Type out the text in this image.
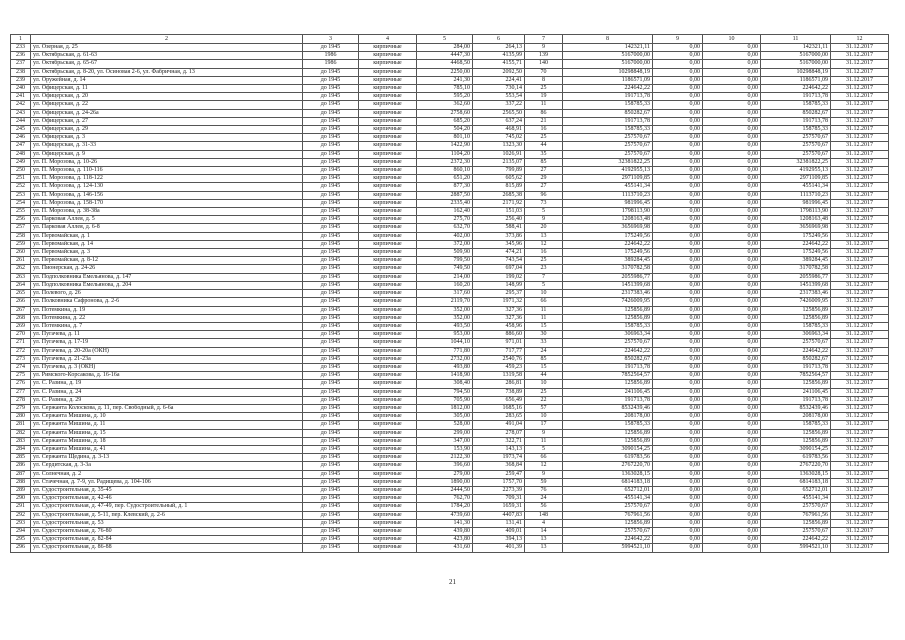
1	2	3	4	5	6	7	8	9	10	11	12
233	ул. Озерная, д. 25	до 1945	кирпичные	284,00	264,13	9	142321,11	0,00	0,00	142321,11	31.12.2017
236	ул. Октябрьская, д. 61-63	1986	кирпичные	4447,30	4135,99	139	5167000,00	0,00	0,00	5167000,00	31.12.2017
237	ул. Октябрьская, д. 65-67	1986	кирпичные	4468,50	4155,71	140	5167000,00	0,00	0,00	5167000,00	31.12.2017
238	ул. Октябрьская, д. 8-20, ул. Осиновая 2-6, ул. Фабричная, д. 13	до 1945	кирпичные	2250,00	2092,50	70	10298848,19	0,00	0,00	10298848,19	31.12.2017
239	ул. Оружейная, д. 14	до 1945	кирпичные	241,30	224,41	8	1186571,09	0,00	0,00	1186571,09	31.12.2017
240	ул. Офицерская, д. 11	до 1945	кирпичные	785,10	730,14	25	224642,22	0,00	0,00	224642,22	31.12.2017
241	ул. Офицерская, д. 20	до 1945	кирпичные	595,20	553,54	19	191713,78	0,00	0,00	191713,78	31.12.2017
242	ул. Офицерская, д. 22	до 1945	кирпичные	362,60	337,22	11	158785,33	0,00	0,00	158785,33	31.12.2017
243	ул. Офицерская, д. 24-26а	до 1945	кирпичные	2758,60	2565,50	86	850282,67	0,00	0,00	850282,67	31.12.2017
244	ул. Офицерская, д. 27	до 1945	кирпичные	685,20	637,24	21	191713,78	0,00	0,00	191713,78	31.12.2017
245	ул. Офицерская, д. 29	до 1945	кирпичные	504,20	468,91	16	158785,33	0,00	0,00	158785,33	31.12.2017
246	ул. Офицерская, д. 3	до 1945	кирпичные	801,10	745,02	25	257570,67	0,00	0,00	257570,67	31.12.2017
247	ул. Офицерская, д. 31-33	до 1945	кирпичные	1422,90	1323,30	44	257570,67	0,00	0,00	257570,67	31.12.2017
248	ул. Офицерская, д. 9	до 1945	кирпичные	1104,20	1026,91	35	257570,67	0,00	0,00	257570,67	31.12.2017
249	ул. П. Морозова, д. 10-26	до 1945	кирпичные	2372,30	2135,07	85	32381822,25	0,00	0,00	32381822,25	31.12.2017
250	ул. П. Морозова, д. 110-116	до 1945	кирпичные	860,10	799,89	27	4192955,13	0,00	0,00	4192955,13	31.12.2017
251	ул. П. Морозова, д. 118-122	до 1945	кирпичные	651,20	605,62	29	2971109,85	0,00	0,00	2971109,85	31.12.2017
252	ул. П. Морозова, д. 124-130	до 1945	кирпичные	877,30	815,89	27	455141,34	0,00	0,00	455141,34	31.12.2017
253	ул. П. Морозова, д. 146-156	до 1945	кирпичные	2887,50	2685,38	96	1113710,23	0,00	0,00	1113710,23	31.12.2017
254	ул. П. Морозова, д. 158-170	до 1945	кирпичные	2335,40	2171,92	73	981996,45	0,00	0,00	981996,45	31.12.2017
255	ул. П. Морозова, д. 38-38а	до 1945	кирпичные	162,40	151,03	5	1798113,90	0,00	0,00	1798113,90	31.12.2017
256	ул. Парковая Аллея, д. 5	до 1945	кирпичные	275,70	256,40	9	1208163,48	0,00	0,00	1208163,48	31.12.2017
257	ул. Парковая Аллея, д. 6-8	до 1945	кирпичные	632,70	588,41	20	3656969,98	0,00	0,00	3656969,98	31.12.2017
258	ул. Первомайская, д. 1	до 1945	кирпичные	402,00	373,86	13	175249,56	0,00	0,00	175249,56	31.12.2017
259	ул. Первомайская, д. 14	до 1945	кирпичные	372,00	345,96	12	224642,22	0,00	0,00	224642,22	31.12.2017
260	ул. Первомайская, д. 3	до 1945	кирпичные	509,90	474,21	16	175249,56	0,00	0,00	175249,56	31.12.2017
261	ул. Первомайская, д. 8-12	до 1945	кирпичные	799,50	743,54	25	389284,45	0,00	0,00	389284,45	31.12.2017
262	ул. Пионерская, д. 24-26	до 1945	кирпичные	749,50	697,04	23	3170782,58	0,00	0,00	3170782,58	31.12.2017
263	ул. Подполковника Емельянова, д. 147	до 1945	кирпичные	214,00	199,02	7	2055986,77	0,00	0,00	2055986,77	31.12.2017
264	ул. Подполковника Емельянова, д. 204	до 1945	кирпичные	160,20	148,99	5	1451399,68	0,00	0,00	1451399,68	31.12.2017
265	ул. Полевого, д. 26	до 1945	кирпичные	317,60	295,37	10	2317383,46	0,00	0,00	2317383,46	31.12.2017
266	ул. Полковника Сафронова, д. 2-6	до 1945	кирпичные	2119,70	1971,32	66	7426009,95	0,00	0,00	7426009,95	31.12.2017
267	ул. Потемкина, д. 19	до 1945	кирпичные	352,00	327,36	11	125856,89	0,00	0,00	125856,89	31.12.2017
268	ул. Потемкина, д. 22	до 1945	кирпичные	352,00	327,36	11	125856,89	0,00	0,00	125856,89	31.12.2017
269	ул. Потемкина, д. 7	до 1945	кирпичные	493,50	458,96	15	158785,33	0,00	0,00	158785,33	31.12.2017
270	ул. Пугачева, д. 11	до 1945	кирпичные	953,00	886,60	30	306963,34	0,00	0,00	306963,34	31.12.2017
271	ул. Пугачева, д. 17-19	до 1945	кирпичные	1044,10	971,01	33	257570,67	0,00	0,00	257570,67	31.12.2017
272	ул. Пугачева, д. 20-20а (ОКН)	до 1945	кирпичные	771,80	717,77	24	224642,22	0,00	0,00	224642,22	31.12.2017
273	ул. Пугачева, д. 21-23а	до 1945	кирпичные	2732,00	2540,76	85	850282,67	0,00	0,00	850282,67	31.12.2017
274	ул. Пугачева, д. 3 (ОКН)	до 1945	кирпичные	493,80	459,23	15	191713,78	0,00	0,00	191713,78	31.12.2017
275	ул. Римского-Корсакова, д. 16-16а	до 1945	кирпичные	1418,90	1319,58	44	7852564,57	0,00	0,00	7852564,57	31.12.2017
276	ул. С. Разина, д. 19	до 1945	кирпичные	308,40	286,81	10	125856,89	0,00	0,00	125856,89	31.12.2017
277	ул. С. Разина, д. 24	до 1945	кирпичные	794,50	738,89	25	241106,45	0,00	0,00	241106,45	31.12.2017
278	ул. С. Разина, д. 29	до 1945	кирпичные	705,90	656,49	22	191713,78	0,00	0,00	191713,78	31.12.2017
279	ул. Сержанта Колоскова, д. 11, пер. Свободный, д. 6-6а	до 1945	кирпичные	1812,00	1685,16	57	8532439,46	0,00	0,00	8532439,46	31.12.2017
280	ул. Сержанта Мишина, д. 10	до 1945	кирпичные	305,00	283,65	10	208178,00	0,00	0,00	208178,00	31.12.2017
281	ул. Сержанта Мишина, д. 11	до 1945	кирпичные	528,00	491,04	17	158785,33	0,00	0,00	158785,33	31.12.2017
282	ул. Сержанта Мишина, д. 15	до 1945	кирпичные	299,00	278,07	9	125856,89	0,00	0,00	125856,89	31.12.2017
283	ул. Сержанта Мишина, д. 18	до 1945	кирпичные	347,00	322,71	11	125856,89	0,00	0,00	125856,89	31.12.2017
284	ул. Сержанта Мишина, д. 41	до 1945	кирпичные	153,90	143,13	5	3090154,25	0,00	0,00	3090154,25	31.12.2017
285	ул. Сержанта Щедина, д. 3-13	до 1945	кирпичные	2122,30	1973,74	66	619783,56	0,00	0,00	619783,56	31.12.2017
286	ул. Сердитская, д. 3-3а	до 1945	кирпичные	396,60	368,84	12	2767220,70	0,00	0,00	2767220,70	31.12.2017
287	ул. Солнечная, д. 2	до 1945	кирпичные	279,00	259,47	9	1363028,15	0,00	0,00	1363028,15	31.12.2017
288	ул. Стачечная, д. 7-9, ул. Радищева, д. 104-106	до 1945	кирпичные	1890,00	1757,70	59	6814183,18	0,00	0,00	6814183,18	31.12.2017
289	ул. Судостроительная, д. 35-45	до 1945	кирпичные	2444,50	2273,39	76	652712,01	0,00	0,00	652712,01	31.12.2017
290	ул. Судостроительная, д. 42-46	до 1945	кирпичные	762,70	709,31	24	455141,34	0,00	0,00	455141,34	31.12.2017
291	ул. Судостроительная, д. 47-49, пер. Судостроительный, д. 1	до 1945	кирпичные	1784,20	1659,31	56	257570,67	0,00	0,00	257570,67	31.12.2017
292	ул. Судостроительная, д. 5-11, пер. Клевский, д. 2-6	до 1945	кирпичные	4739,60	4407,83	148	767961,56	0,00	0,00	767961,56	31.12.2017
293	ул. Судостроительная, д. 53	до 1945	кирпичные	141,30	131,41	4	125856,89	0,00	0,00	125856,89	31.12.2017
294	ул. Судостроительная, д. 76-80	до 1945	кирпичные	439,80	409,01	14	257570,67	0,00	0,00	257570,67	31.12.2017
295	ул. Судостроительная, д. 82-84	до 1945	кирпичные	423,80	394,13	13	224642,22	0,00	0,00	224642,22	31.12.2017
296	ул. Судостроительная, д. 86-88	до 1945	кирпичные	431,60	401,39	13	5994521,10	0,00	0,00	5994521,10	31.12.2017
21
